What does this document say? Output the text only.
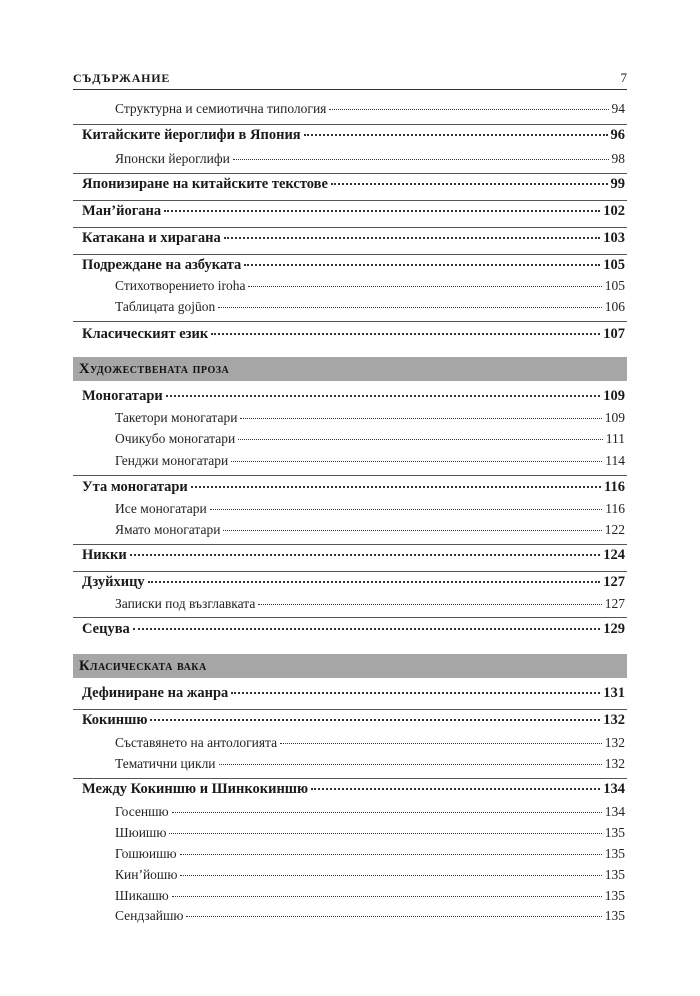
СЪДЪРЖАНИЕ	7
Структурна и семиотична типология	94
Китайските йероглифи в Япония	96
Японски йероглифи	98
Японизиране на китайските текстове	99
Ман’йогана	102
Катакана и хирагана	103
Подреждане на азбуката	105
Стихотворението iroha	105
Таблицата gojūon	106
Класическият език	107
Художествената проза
Моногатари	109
Такетори моногатари	109
Очикубо моногатари	111
Генджи моногатари	114
Ута моногатари	116
Исе моногатари	116
Ямато моногатари	122
Никки	124
Дзуйхицу	127
Записки под възглавката	127
Сецува	129
Класическата вака
Дефиниране на жанра	131
Кокиншю	132
Съставянето на антологията	132
Тематични цикли	132
Между Кокиншю и Шинкокиншю	134
Госеншю	134
Шюишю	135
Гошюишю	135
Кин’йошю	135
Шикашю	135
Сендзайшю	135
